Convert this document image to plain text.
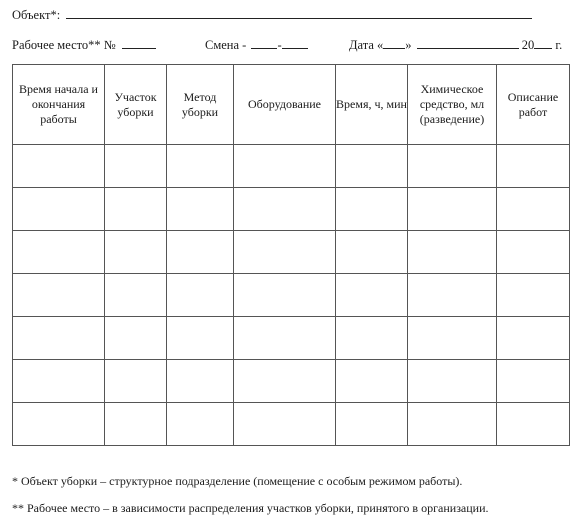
Объект*:
Рабочее место** №	Смена - -	Дата « »	20 г.
Время начала и окончания работы	Участок уборки	Метод уборки	Оборудование	Время, ч, мин	Химическое средство, мл (разведение)	Описание работ

* Объект уборки – структурное подразделение (помещение с особым режимом работы).
** Рабочее место – в зависимости распределения участков уборки, принятого в организации.
